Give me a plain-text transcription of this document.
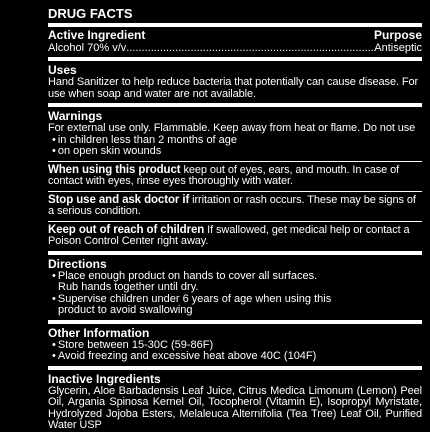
DRUG FACTS
Active Ingredient	Purpose
Alcohol 70% v/v
.....	Antiseptic
Uses
Hand Sanitizer to help reduce bacteria that potentially can cause disease. For use when soap and water are not available.
Warnings
For external use only. Flammable. Keep away from heat or flame. Do not use
• in children less than 2 months of age
• on open skin wounds
When using this product keep out of eyes, ears, and mouth. In case of contact with eyes, rinse eyes thoroughly with water.
Stop use and ask doctor if irritation or rash occurs. These may be signs of a serious condition.
Keep out of reach of children If swallowed, get medical help or contact a Poison Control Center right away.
Directions
• Place enough product on hands to cover all surfaces.
Rub hands together until dry.
• Supervise children under 6 years of age when using this
product to avoid swallowing
Other Information
• Store between 15-30C (59-86F)
• Avoid freezing and excessive heat above 40C (104F)
Inactive Ingredients
Glycerin, Aloe Barbadensis Leaf Juice, Citrus Medica Limonum (Lemon) Peel Oil, Argania Spinosa Kernel Oil, Tocopherol (Vitamin E), Isopropyl Myristate, Hydrolyzed Jojoba Esters, Melaleuca Alternifolia (Tea Tree) Leaf Oil, Purified Water USP
